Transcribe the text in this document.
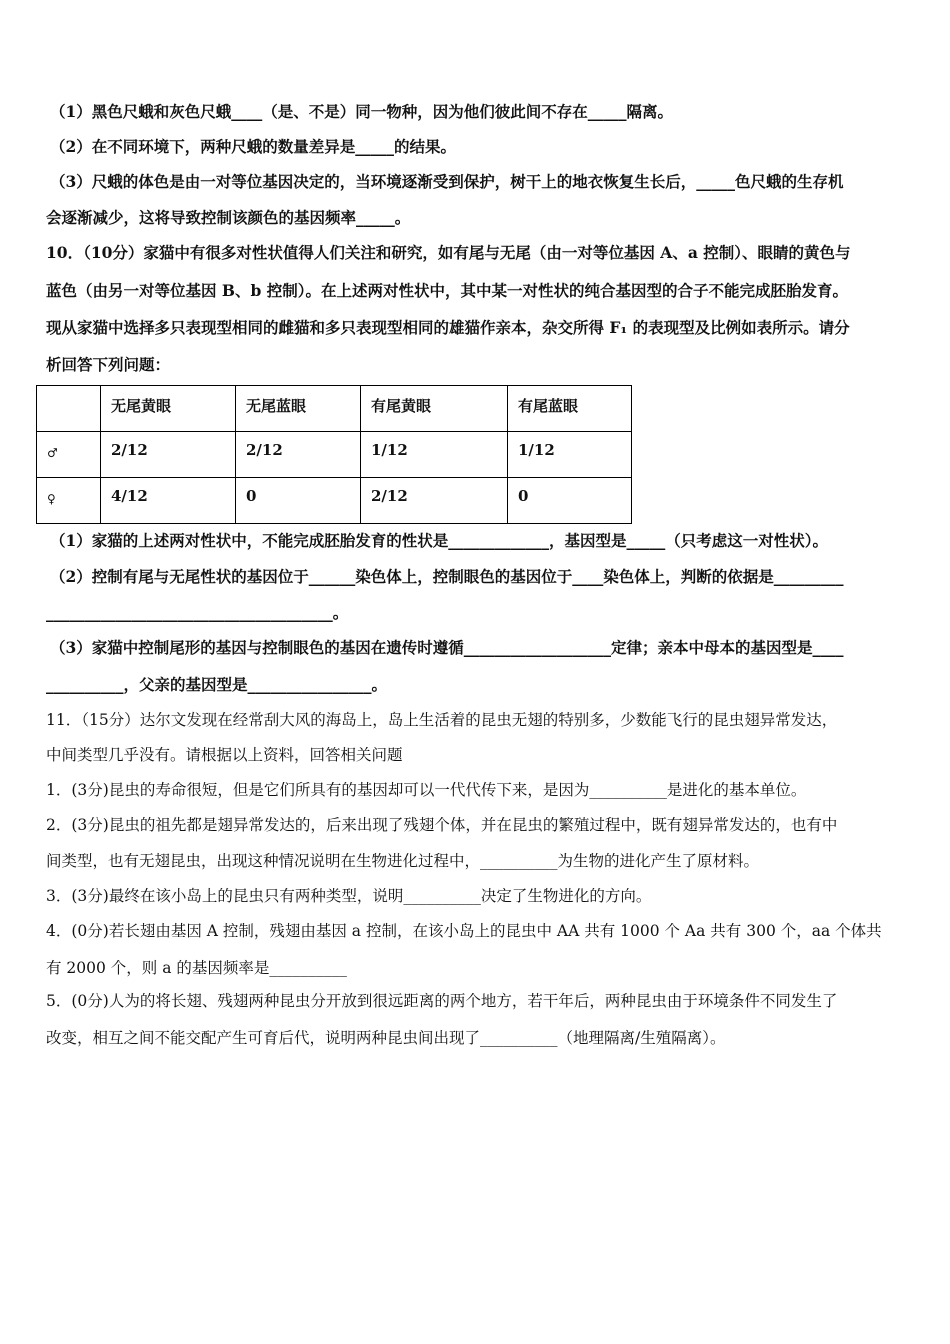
（1）黑色尺蛾和灰色尺蛾____（是、不是）同一物种，因为他们彼此间不存在_____隔离。
（2）在不同环境下，两种尺蛾的数量差异是_____的结果。
（3）尺蛾的体色是由一对等位基因决定的，当环境逐渐受到保护，树干上的地衣恢复生长后，_____色尺蛾的生存机
会逐渐减少，这将导致控制该颜色的基因频率_____。
10．（10分）家猫中有很多对性状值得人们关注和研究，如有尾与无尾（由一对等位基因 A、a 控制）、眼睛的黄色与
蓝色（由另一对等位基因 B、b 控制）。在上述两对性状中，其中某一对性状的纯合基因型的合子不能完成胚胎发育。
现从家猫中选择多只表现型相同的雌猫和多只表现型相同的雄猫作亲本，杂交所得 F₁ 的表现型及比例如表所示。请分
析回答下列问题：
	无尾黄眼	无尾蓝眼	有尾黄眼	有尾蓝眼
♂	2/12	2/12	1/12	1/12
♀	4/12	0	2/12	0
（1）家猫的上述两对性状中，不能完成胚胎发育的性状是_____________，基因型是_____（只考虑这一对性状）。
（2）控制有尾与无尾性状的基因位于______染色体上，控制眼色的基因位于____染色体上，判断的依据是_________
_____________________________________。
（3）家猫中控制尾形的基因与控制眼色的基因在遗传时遵循___________________定律；亲本中母本的基因型是____
__________，父亲的基因型是________________。
11．（15分）达尔文发现在经常刮大风的海岛上，岛上生活着的昆虫无翅的特别多，少数能飞行的昆虫翅异常发达，
中间类型几乎没有。请根据以上资料，回答相关问题
1．(3分)昆虫的寿命很短，但是它们所具有的基因却可以一代代传下来，是因为__________是进化的基本单位。
2．(3分)昆虫的祖先都是翅异常发达的，后来出现了残翅个体，并在昆虫的繁殖过程中，既有翅异常发达的，也有中
间类型，也有无翅昆虫，出现这种情况说明在生物进化过程中，__________为生物的进化产生了原材料。
3．(3分)最终在该小岛上的昆虫只有两种类型，说明__________决定了生物进化的方向。
4．(0分)若长翅由基因 A 控制，残翅由基因 a 控制，在该小岛上的昆虫中 AA 共有 1000 个 Aa 共有 300 个，aa 个体共
有 2000 个，则 a 的基因频率是__________
5．(0分)人为的将长翅、残翅两种昆虫分开放到很远距离的两个地方，若干年后，两种昆虫由于环境条件不同发生了
改变，相互之间不能交配产生可育后代，说明两种昆虫间出现了__________（地理隔离/生殖隔离）。
